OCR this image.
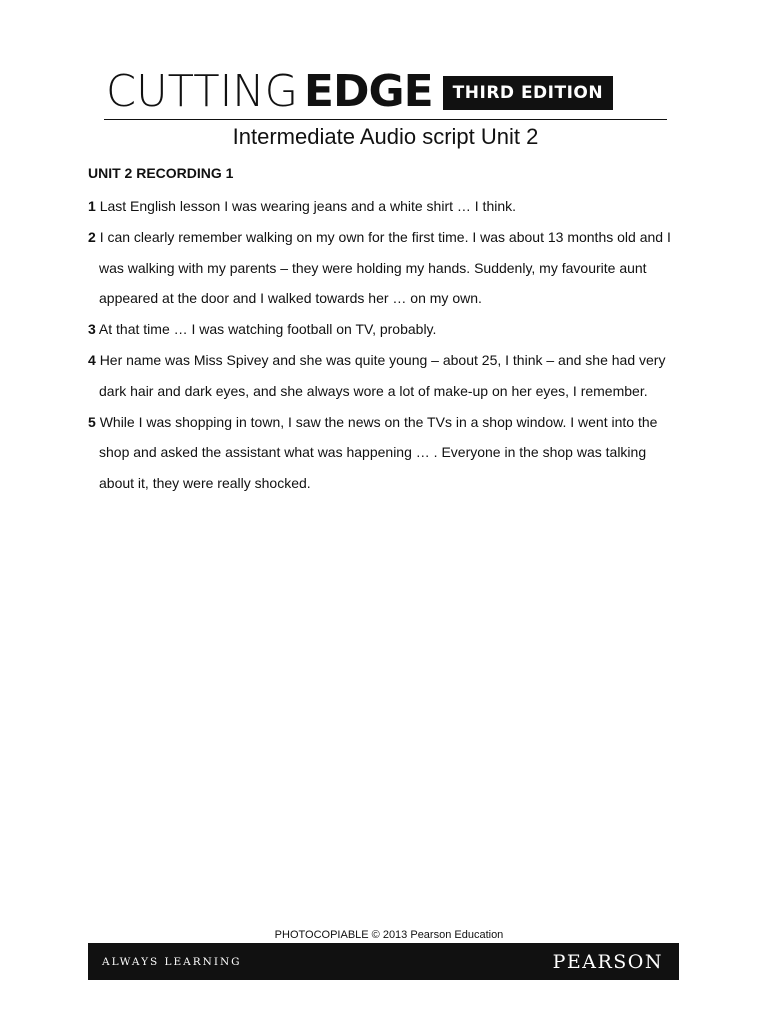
CUTTING EDGE	THIRD EDITION
Intermediate Audio script Unit 2
UNIT 2 RECORDING 1
1 Last English lesson I was wearing jeans and a white shirt … I think.
2 I can clearly remember walking on my own for the first time. I was about 13 months old and I
was walking with my parents – they were holding my hands. Suddenly, my favourite aunt
appeared at the door and I walked towards her … on my own.
3 At that time … I was watching football on TV, probably.
4 Her name was Miss Spivey and she was quite young – about 25, I think – and she had very
dark hair and dark eyes, and she always wore a lot of make-up on her eyes, I remember.
5 While I was shopping in town, I saw the news on the TVs in a shop window. I went into the
shop and asked the assistant what was happening … . Everyone in the shop was talking
about it, they were really shocked.
PHOTOCOPIABLE © 2013 Pearson Education
ALWAYS LEARNING	PEARSON
